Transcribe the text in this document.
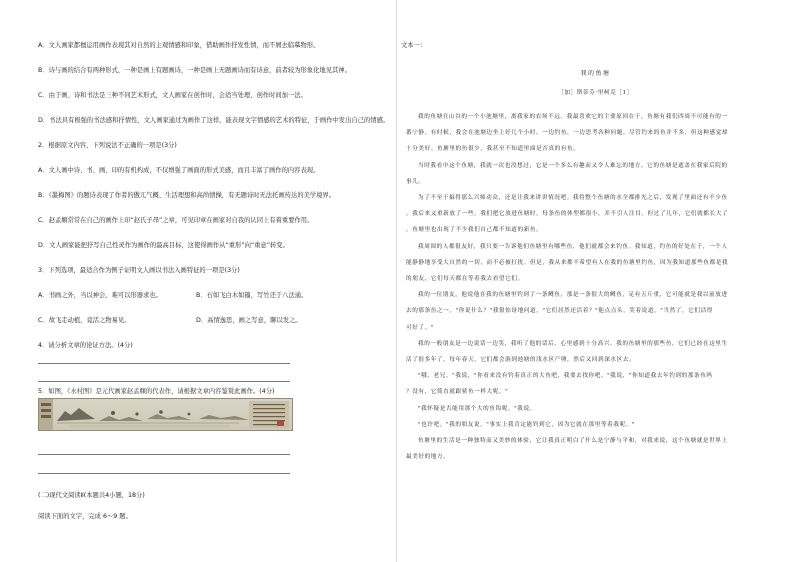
A．文人画家都擅运用画作表现其对自然的主观情感和印象，借助画作抒发性情，而不屑去临摹物形。
B．诗与画的结合有两种形式，一种是画上有题画诗，一种是画上无题画诗而有诗意，前者较为形象化地见其神。
C．由于画、诗和书法是三种不同艺术形式，文人画家在创作时，会适当处理，创作时间加一法。
D．书法具有极强的书法感和抒情性，文人画家通过为画作了这样，能表现文字情感的艺术的特征，于画作中发出自己的情感。
2．根据原文内容，下列说法不正确的一项是(3分)
A．文人画中诗、书、画、印的有机构成，不仅增强了画面的形式美感，而且丰富了画作的内容表现。
B．《墨梅图》的题诗表现了作者的傲兀气概、生活理想和高尚情操，有无题诗时无法托画传达的美学境界。
C．赵孟頫常常在自己的画作上印“赵氏子昂”之章，可见印章在画家对自我的认同上有着重要作用。
D．文人画家能把抒写自己性灵作为画作的最高目标，这使得画作从“重形”向“重意”转变。
3．下列选项，最适合作为例子证明文人画以书法入画特征的一项是(3分)
A．书画之外，当以神会，难可以形器求也。	B．石如飞白木如籀，写竹还于八法通。
C．故飞走动植，竟活之物易见。	D．高情逸思，画之写意，聊以发之。
4．请分析文章的论证方法。(4分)
5．如图，《水村图》是元代画家赵孟頫的代表作，请根据文章内容鉴赏此画作。(4分)
(二)现代文阅读Ⅱ(本题共4小题，18分)
阅读下面的文字，完成 6～9 题。
文本一：
我的鱼塘
［加］斯蒂芬·里柯克［1］
我的鱼塘在山谷的一个小池塘里，离我家的农场不远。我最喜欢它的主要原因在于，鱼塘有我们四周不可能有的一
番宁静。有时候，我会在池塘边坐上好几个小时，一边钓鱼，一边思考各种问题。尽管钓来的鱼并不多，但这种感觉却
十分美好。鱼塘里的鱼很少，我甚至不知道里面是否真的有鱼。
当时我看中这个鱼塘，我就一次也没想过，它是一个多么有趣而又令人难忘的地方。它的鱼塘是遮盖在我家后院的
事儿。
为了不至于搞得那么兴师动众，还是让我来讲讲情况吧。我将整个鱼塘的水全都排光之后，发现了里面还有不少鱼
。我后来又重新放了一些。我们把它放进鱼塘时，每条鱼的体型都很小，并不引人注目。但过了几年，它们就都长大了
，鱼塘里也出现了不少我们自己都不知道的新鱼。
我周围的人都很友好，我只要一告诉他们鱼塘里有哪些鱼，他们就都会来钓鱼。我知道，钓鱼的好处在于，一个人
能静静地享受大自然的一切，而不必被打扰。但是，我从来都不希望有人在我的鱼塘里钓鱼，因为我知道那些鱼都是我
的朋友，它们每天都在等着我去看望它们。
我的一位朋友，他说他在我的鱼塘里钓到了一条鳟鱼，那是一条很大的鳟鱼，足有五斤重，它可能就是我以前放进
去的那条鱼之一。"你说什么？"我很惊讶地问道，"它们居然还活着？"他点点头，笑着说道，"当然了，它们活得
可好了。"
我的一般朋友是一边说话一边笑，我听了他的话后，心里感到十分高兴。我的鱼塘里的那些鱼，它们已经在这里生
活了很多年了，每年春天，它们都会游到池塘的浅水区产卵，然后又回到深水区去。
"哦，老兄，"我说，"你看来没有钓着真正的大鱼吧，我要去找你吧。"我说，"你知道我去年钓到的那条鱼吗
？没有，它简直就跟鲨鱼一样大呢。"
"我怀疑是否能用那个大的鱼钩呢。"我说。
"也许吧。"我的朋友说，"事实上我肯定能钓到它，因为它就在那里等着我呢。"
鱼塘里的生活是一种独特而又美妙的体验，它让我真正明白了什么是宁静与平和，对我来说，这个鱼塘就是世界上
最美好的地方。
